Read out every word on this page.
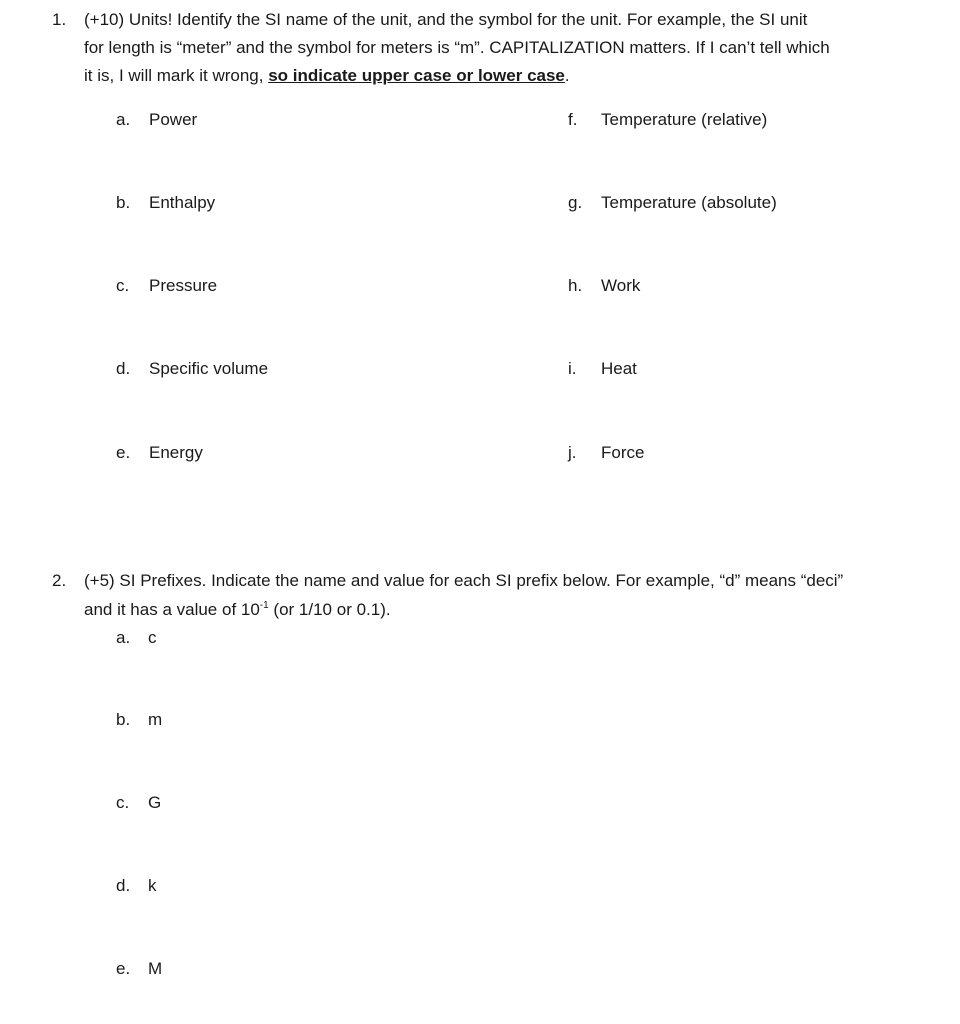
1. (+10) Units! Identify the SI name of the unit, and the symbol for the unit. For example, the SI unit
for length is “meter” and the symbol for meters is “m”. CAPITALIZATION matters. If I can’t tell which
it is, I will mark it wrong, so indicate upper case or lower case.
a. Power
b. Enthalpy
c. Pressure
d. Specific volume
e. Energy
f. Temperature (relative)
g. Temperature (absolute)
h. Work
i. Heat
j. Force
2. (+5) SI Prefixes. Indicate the name and value for each SI prefix below. For example, “d” means “deci”
and it has a value of $10^{-1}$ (or 1/10 or 0.1).
a. c
b. m
c. G
d. k
e. M
